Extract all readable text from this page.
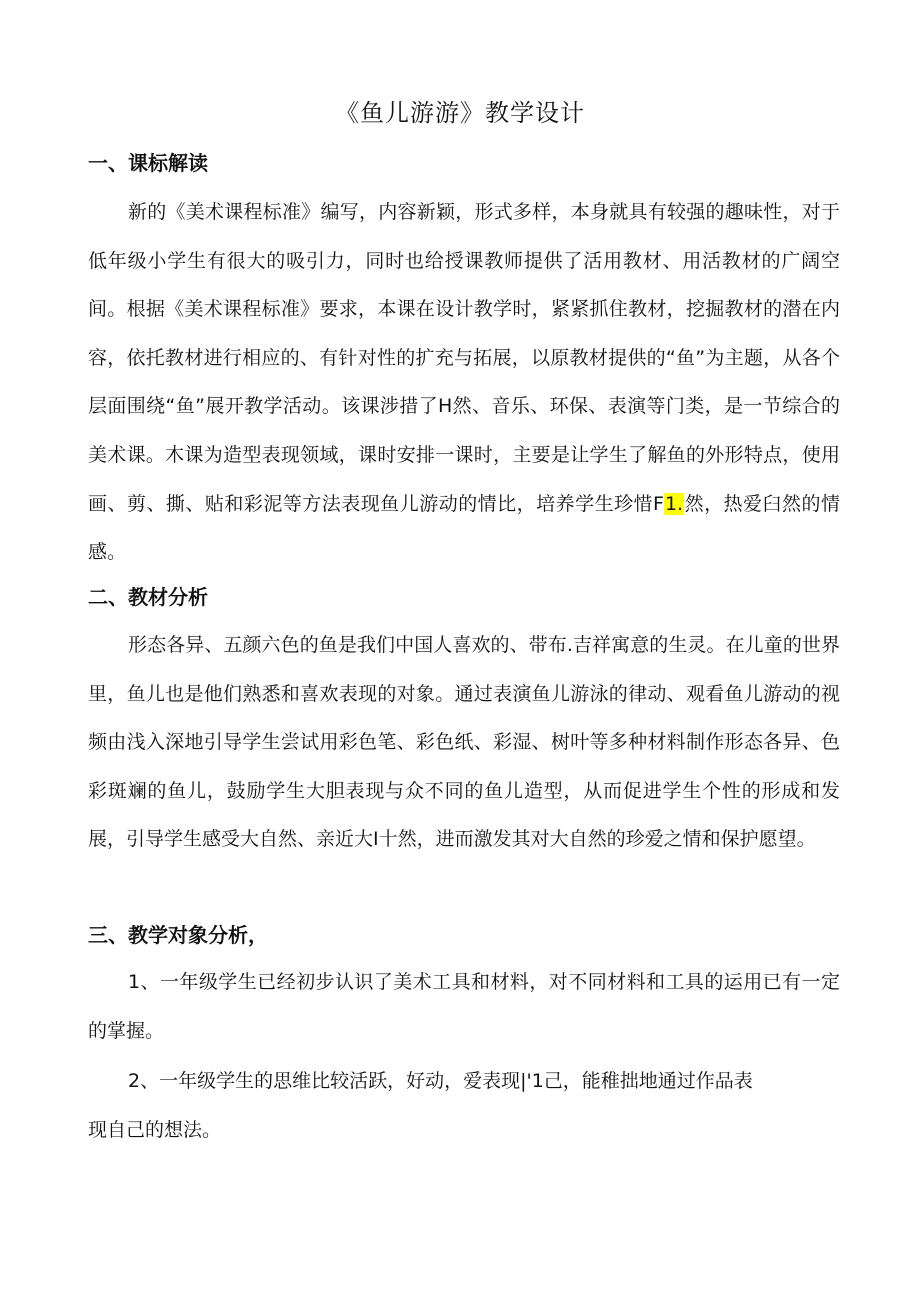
《鱼儿游游》教学设计
一、课标解读
新的《美术课程标准》编写，内容新颖，形式多样，本身就具有较强的趣味性，对于低年级小学生有很大的吸引力，同时也给授课教师提供了活用教材、用活教材的广阔空间。根据《美术课程标准》要求，本课在设计教学时，紧紧抓住教材，挖掘教材的潜在内容，依托教材进行相应的、有针对性的扩充与拓展，以原教材提供的“鱼”为主题，从各个层面围绕“鱼”展开教学活动。该课涉措了H然、音乐、环保、表演等门类，是一节综合的美术课。木课为造型表现领域，课时安排一课时，主要是让学生了解鱼的外形特点，使用画、剪、撕、贴和彩泥等方法表现鱼儿游动的情比，培养学生珍惜F1.然，热爱臼然的情感。
二、教材分析
形态各异、五颜六色的鱼是我们中国人喜欢的、带布.吉祥寓意的生灵。在儿童的世界里，鱼儿也是他们熟悉和喜欢表现的对象。通过表演鱼儿游泳的律动、观看鱼儿游动的视频由浅入深地引导学生尝试用彩色笔、彩色纸、彩湿、树叶等多种材料制作形态各异、色彩斑斓的鱼儿，鼓励学生大胆表现与众不同的鱼儿造型，从而促进学生个性的形成和发展，引导学生感受大自然、亲近大I十然，进而激发其对大自然的珍爱之情和保护愿望。
三、教学对象分析，
1、一年级学生已经初步认识了美术工具和材料，对不同材料和工具的运用已有一定的掌握。
2、一年级学生的思维比较活跃，好动，爱表现|'1己，能稚拙地通过作品表
现自己的想法。
